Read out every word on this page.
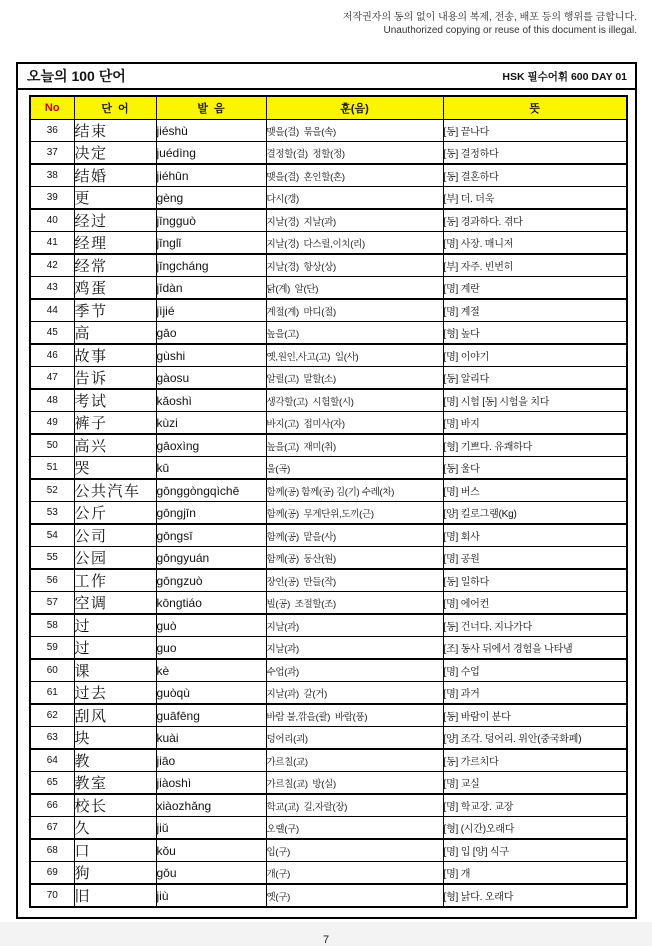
저작권자의 동의 없이 내용의 복제, 전송, 배포 등의 행위를 금합니다.
Unauthorized copying or reuse of this document is illegal.
오늘의 100 단어	HSK 필수어휘 600 DAY 01
No	단  어	발  음	훈(음)	뜻
36	结束	jiéshù	맺을(결)  묶을(속)	[동] 끝나다
37	决定	juédìng	결정할(결)  정할(정)	[동] 결정하다
38	结婚	jiéhūn	맺을(결)  혼인할(혼)	[동] 결혼하다
39	更	gèng	다시(갱)	[부] 더. 더욱
40	经过	jīngguò	지날(경)  지날(과)	[동] 경과하다. 겪다
41	经理	jīnglǐ	지날(경)  다스릴,이치(리)	[명] 사장. 매니저
42	经常	jīngcháng	지날(경)  항상(상)	[부] 자주. 빈번히
43	鸡蛋	jīdàn	닭(계)  알(단)	[명] 계란
44	季节	jìjié	계절(계)  마디(절)	[명] 계절
45	高	gāo	높을(고)	[형] 높다
46	故事	gùshi	옛,원인,사고(고)  일(사)	[명] 이야기
47	告诉	gàosu	알릴(고)  말할(소)	[동] 알리다
48	考试	kǎoshì	생각할(고)  시험할(시)	[명] 시험 [동] 시험을 치다
49	裤子	kùzi	바지(고)  접미사(자)	[명] 바지
50	高兴	gāoxìng	높을(고)  재미(취)	[형] 기쁘다. 유쾌하다
51	哭	kū	울(곡)	[동] 울다
52	公共汽车	gōnggòngqìchē	함께(공) 함께(공) 김(기) 수레(차)	[명] 버스
53	公斤	gōngjīn	함께(공)  무게단위,도끼(근)	[양] 킬로그램(Kg)
54	公司	gōngsī	함께(공)  맡을(사)	[명] 회사
55	公园	gōngyuán	함께(공)  동산(원)	[명] 공원
56	工作	gōngzuò	장인(공)  만들(작)	[동] 일하다
57	空调	kōngtiáo	빌(공)  조절할(조)	[명] 에어컨
58	过	guò	지날(과)	[동] 건너다. 지나가다
59	过	guo	지날(과)	[조] 동사 뒤에서 경험을 나타냄
60	课	kè	수업(과)	[명] 수업
61	过去	guòqù	지날(과)  갈(거)	[명] 과거
62	刮风	guāfēng	바람 불,깎을(괄)  바람(풍)	[동] 바람이 분다
63	块	kuài	덩어리(괴)	[양] 조각. 덩어리. 위안(중국화폐)
64	教	jiāo	가르칠(교)	[동] 가르치다
65	教室	jiàoshì	가르칠(교)  방(실)	[명] 교실
66	校长	xiàozhǎng	학교(교)  길,자랄(장)	[명] 학교장. 교장
67	久	jiǔ	오랠(구)	[형] (시간)오래다
68	口	kǒu	입(구)	[명] 입 [양] 식구
69	狗	gǒu	개(구)	[명] 개
70	旧	jiù	옛(구)	[형] 낡다. 오래다
7
